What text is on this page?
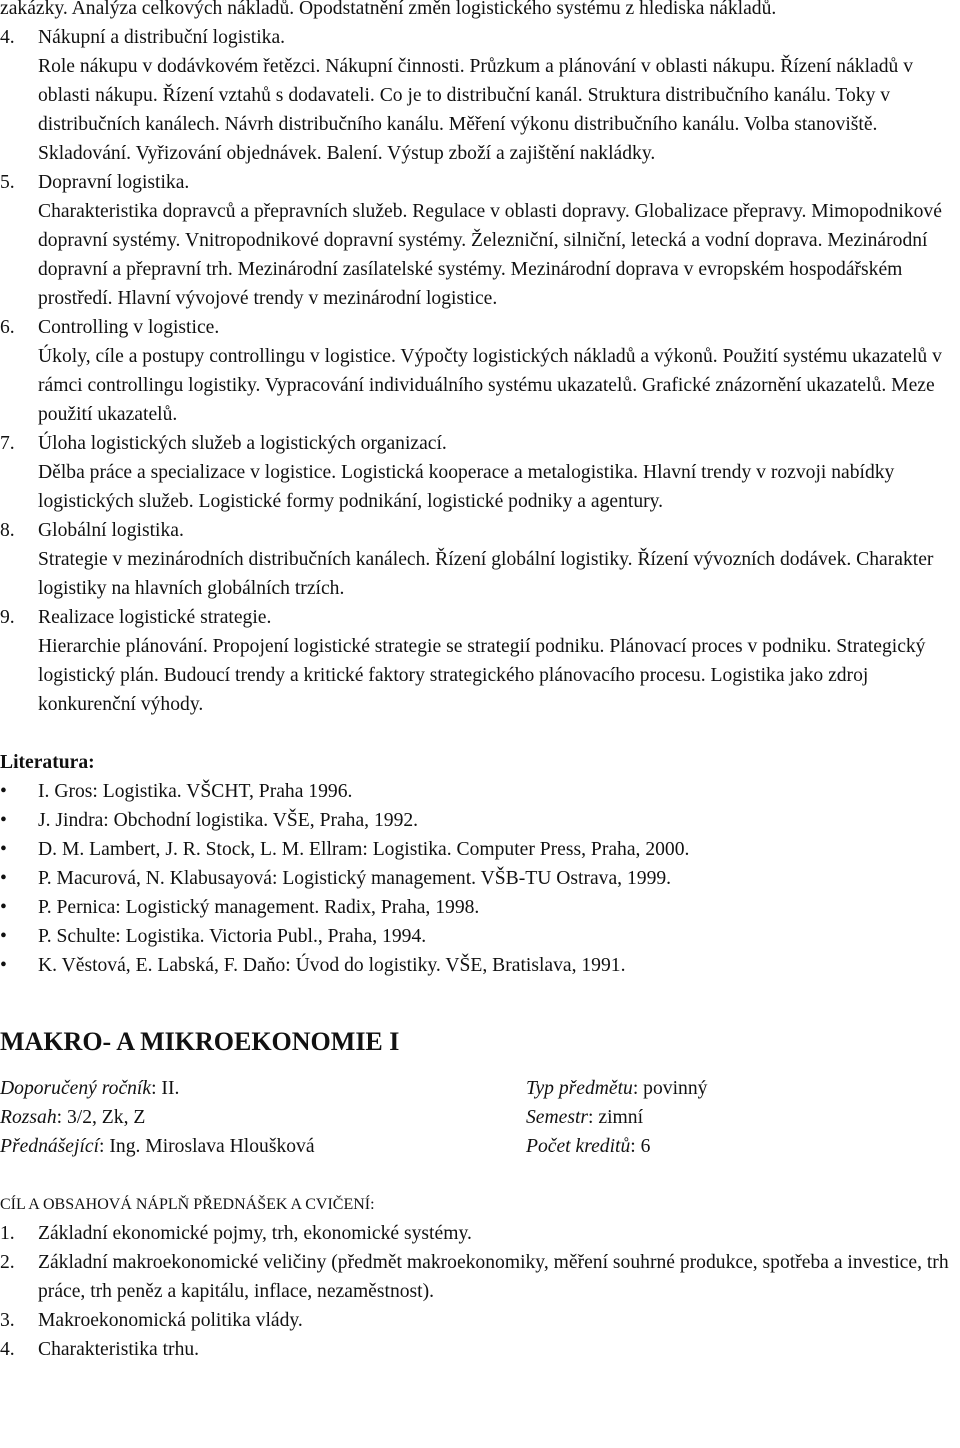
zakázky. Analýza celkových nákladů. Opodstatnění změn logistického systému z hlediska nákladů.
4. Nákupní a distribuční logistika.
Role nákupu v dodávkovém řetězci. Nákupní činnosti. Průzkum a plánování v oblasti nákupu. Řízení nákladů v oblasti nákupu. Řízení vztahů s dodavateli. Co je to distribuční kanál. Struktura distribučního kanálu. Toky v distribučních kanálech. Návrh distribučního kanálu. Měření výkonu distribučního kanálu. Volba stanoviště. Skladování. Vyřizování objednávek. Balení. Výstup zboží a zajištění nakládky.
5. Dopravní logistika.
Charakteristika dopravců a přepravních služeb. Regulace v oblasti dopravy. Globalizace přepravy. Mimopodnikové dopravní systémy. Vnitropodnikové dopravní systémy. Železniční, silniční, letecká a vodní doprava. Mezinárodní dopravní a přepravní trh. Mezinárodní zasílatelské systémy. Mezinárodní doprava v evropském hospodářském prostředí. Hlavní vývojové trendy v mezinárodní logistice.
6. Controlling v logistice.
Úkoly, cíle a postupy controllingu v logistice. Výpočty logistických nákladů a výkonů. Použití systému ukazatelů v rámci controllingu logistiky. Vypracování individuálního systému ukazatelů. Grafické znázornění ukazatelů. Meze použití ukazatelů.
7. Úloha logistických služeb a logistických organizací.
Dělba práce a specializace v logistice. Logistická kooperace a metalogistika. Hlavní trendy v rozvoji nabídky logistických služeb. Logistické formy podnikání, logistické podniky a agentury.
8. Globální logistika.
Strategie v mezinárodních distribučních kanálech. Řízení globální logistiky. Řízení vývozních dodávek. Charakter logistiky na hlavních globálních trzích.
9. Realizace logistické strategie.
Hierarchie plánování. Propojení logistické strategie se strategií podniku. Plánovací proces v podniku. Strategický logistický plán. Budoucí trendy a kritické faktory strategického plánovacího procesu. Logistika jako zdroj konkurenční výhody.
Literatura:
• I. Gros: Logistika. VŠCHT, Praha 1996.
• J. Jindra: Obchodní logistika. VŠE, Praha, 1992.
• D. M. Lambert, J. R. Stock, L. M. Ellram: Logistika. Computer Press, Praha, 2000.
• P. Macurová, N. Klabusayová: Logistický management. VŠB-TU Ostrava, 1999.
• P. Pernica: Logistický management. Radix, Praha, 1998.
• P. Schulte: Logistika. Victoria Publ., Praha, 1994.
• K. Věstová, E. Labská, F. Daňo: Úvod do logistiky. VŠE, Bratislava, 1991.
MAKRO- A MIKROEKONOMIE I
Doporučený ročník: II.	Typ předmětu: povinný
Rozsah: 3/2, Zk, Z	Semestr: zimní
Přednášející: Ing. Miroslava Hloušková	Počet kreditů: 6
CÍL A OBSAHOVÁ NÁPLŇ PŘEDNÁŠEK A CVIČENÍ:
1. Základní ekonomické pojmy, trh, ekonomické systémy.
2. Základní makroekonomické veličiny (předmět makroekonomiky, měření souhrné produkce, spotřeba a investice, trh práce, trh peněz a kapitálu, inflace, nezaměstnost).
3. Makroekonomická politika vlády.
4. Charakteristika trhu.
